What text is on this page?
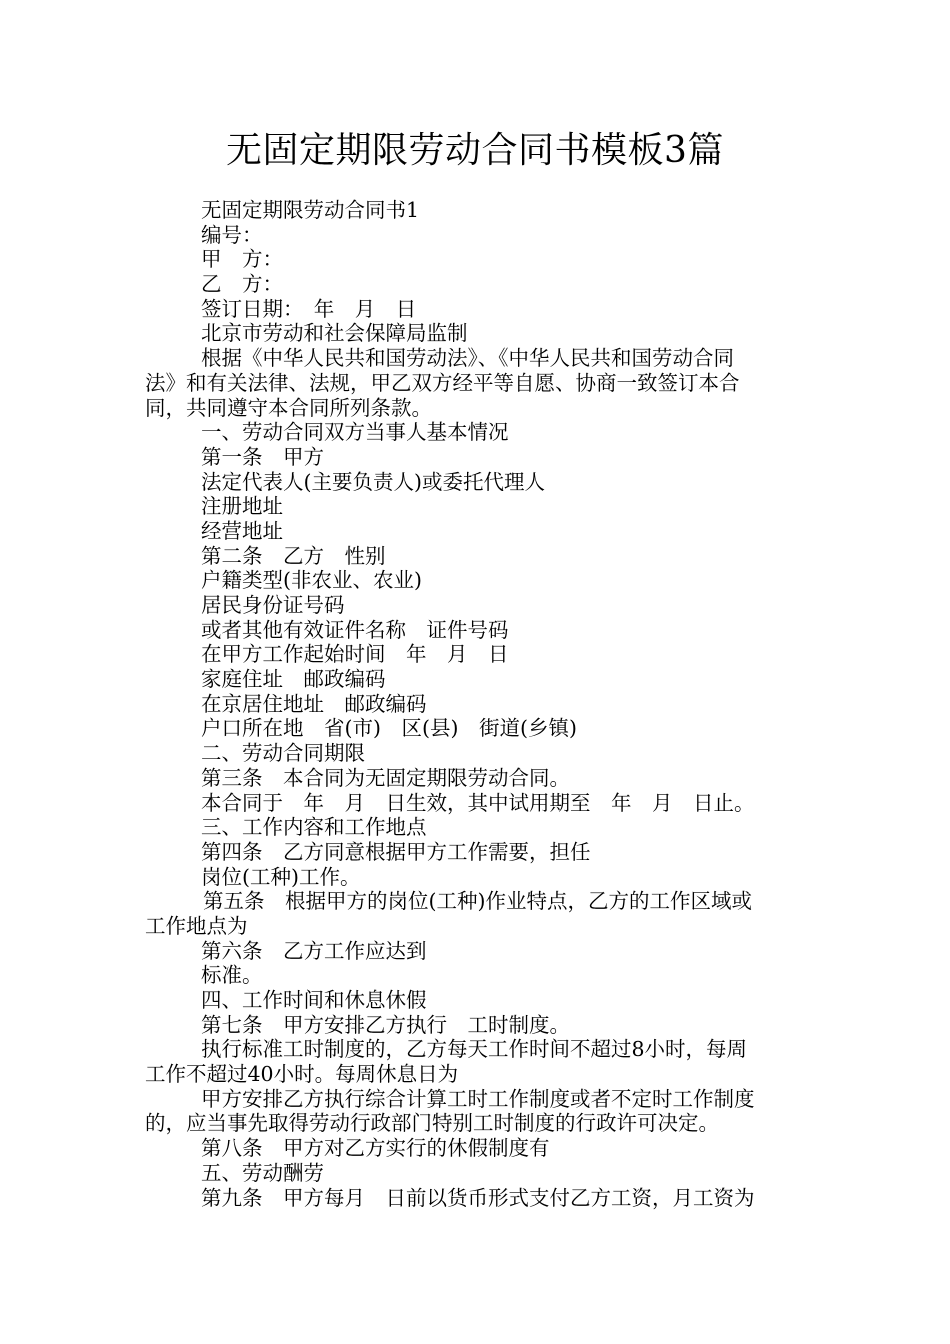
无固定期限劳动合同书模板3篇
无固定期限劳动合同书1
编号：
甲　方：
乙　方：
签订日期：　年　月　日
北京市劳动和社会保障局监制
根据《中华人民共和国劳动法》、《中华人民共和国劳动合同
法》和有关法律、法规，甲乙双方经平等自愿、协商一致签订本合
同，共同遵守本合同所列条款。
一、劳动合同双方当事人基本情况
第一条　甲方
法定代表人(主要负责人)或委托代理人
注册地址
经营地址
第二条　乙方　性别
户籍类型(非农业、农业)
居民身份证号码
或者其他有效证件名称　证件号码
在甲方工作起始时间　年　月　日
家庭住址　邮政编码
在京居住地址　邮政编码
户口所在地　省(市)　区(县)　街道(乡镇)
二、劳动合同期限
第三条　本合同为无固定期限劳动合同。
本合同于　年　月　日生效，其中试用期至　年　月　日止。
三、工作内容和工作地点
第四条　乙方同意根据甲方工作需要，担任
岗位(工种)工作。
第五条　根据甲方的岗位(工种)作业特点，乙方的工作区域或
工作地点为
第六条　乙方工作应达到
标准。
四、工作时间和休息休假
第七条　甲方安排乙方执行　工时制度。
执行标准工时制度的，乙方每天工作时间不超过8小时，每周
工作不超过40小时。每周休息日为
甲方安排乙方执行综合计算工时工作制度或者不定时工作制度
的，应当事先取得劳动行政部门特别工时制度的行政许可决定。
第八条　甲方对乙方实行的休假制度有
五、劳动酬劳
第九条　甲方每月　日前以货币形式支付乙方工资，月工资为
